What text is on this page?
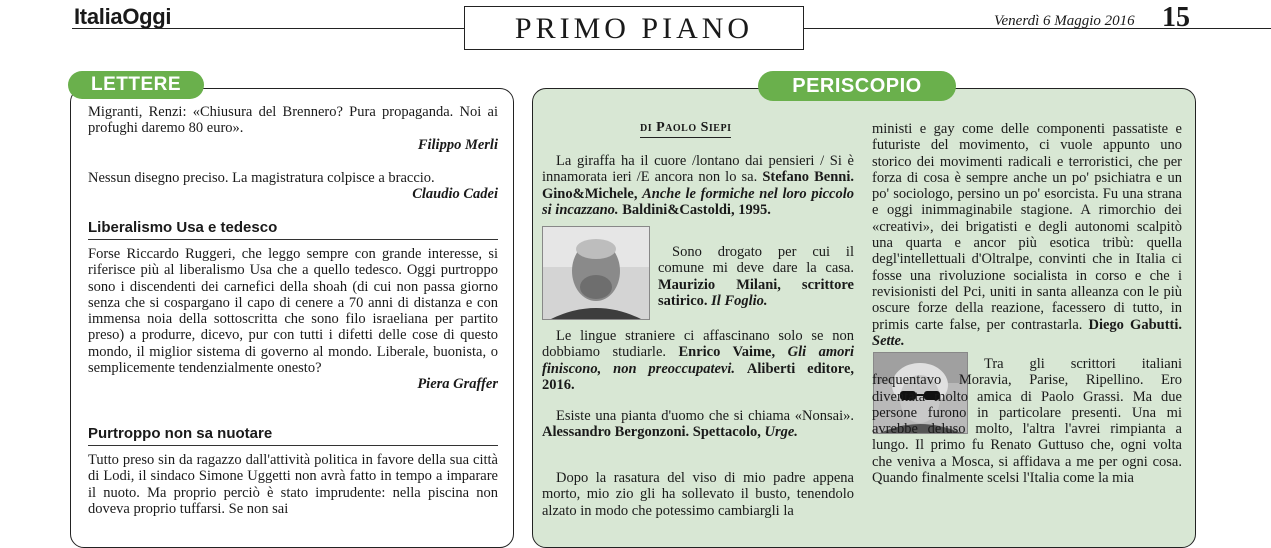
ItaliaOggi	PRIMO PIANO	Venerdì 6 Maggio 2016 15
LETTERE

Migranti, Renzi: «Chiusura del Brennero? Pura propaganda. Noi ai profughi daremo 80 euro».

Filippo Merli

Nessun disegno preciso. La magistratura colpisce a braccio.

Claudio Cadei
Liberalismo Usa e tedesco

Forse Riccardo Ruggeri, che leggo sempre con grande interesse, si riferisce più al liberalismo Usa che a quello tedesco. Oggi purtroppo sono i discendenti dei carnefici della shoah (di cui non passa giorno senza che si cospargano il capo di cenere a 70 anni di distanza e con immensa noia della sottoscritta che sono filo israeliana per partito preso) a produrre, dicevo, pur con tutti i difetti delle cose di questo mondo, il miglior sistema di governo al mondo. Liberale, buonista, o semplicemente tendenzialmente onesto?

Piera Graffer
Purtroppo non sa nuotare

Tutto preso sin da ragazzo dall'attività politica in favore della sua città di Lodi, il sindaco Simone Uggetti non avrà fatto in tempo a imparare il nuoto. Ma proprio perciò è stato imprudente: nella piscina non doveva proprio tuffarsi. Se non sai

PERISCOPIO
di Paolo Siepi

La giraffa ha il cuore /lontano dai pensieri / Si è innamorata ieri /E ancora non lo sa. Stefano Benni. Gino&Michele, Anche le formiche nel loro piccolo si incazzano. Baldini&Castoldi, 1995.

Sono drogato per cui il comune mi deve dare la casa. Maurizio Milani, scrittore satirico. Il Foglio.

Le lingue straniere ci affascinano solo se non dobbiamo studiarle. Enrico Vaime, Gli amori finiscono, non preoccupatevi. Aliberti editore, 2016.

Esiste una pianta d'uomo che si chiama «Nonsai». Alessandro Bergonzoni. Spettacolo, Urge.

Dopo la rasatura del viso di mio padre appena morto, mio zio gli ha sollevato il busto, tenendolo alzato in modo che potessimo cambiargli la

ministi e gay come delle componenti passatiste e futuriste del movimento, ci vuole appunto uno storico dei movimenti radicali e terroristici, che per forza di cosa è sempre anche un po' psichiatra e un po' sociologo, persino un po' esorcista. Fu una strana e oggi inimmaginabile stagione. A rimorchio dei «creativi», dei brigatisti e degli autonomi scalpitò una quarta e ancor più esotica tribù: quella degl'intellettuali d'Oltralpe, convinti che in Italia ci fosse una rivoluzione socialista in corso e che i revisionisti del Pci, uniti in santa alleanza con le più oscure forze della reazione, facessero di tutto, in primis carte false, per contrastarla. Diego Gabutti. Sette.

Tra gli scrittori italiani frequentavo Moravia, Parise, Ripellino. Ero diventata molto amica di Paolo Grassi. Ma due persone furono in particolare presenti. Una mi avrebbe deluso molto, l'altra l'avrei rimpianta a lungo. Il primo fu Renato Guttuso che, ogni volta che veniva a Mosca, si affidava a me per ogni cosa. Quando finalmente scelsi l'Italia come la mia
